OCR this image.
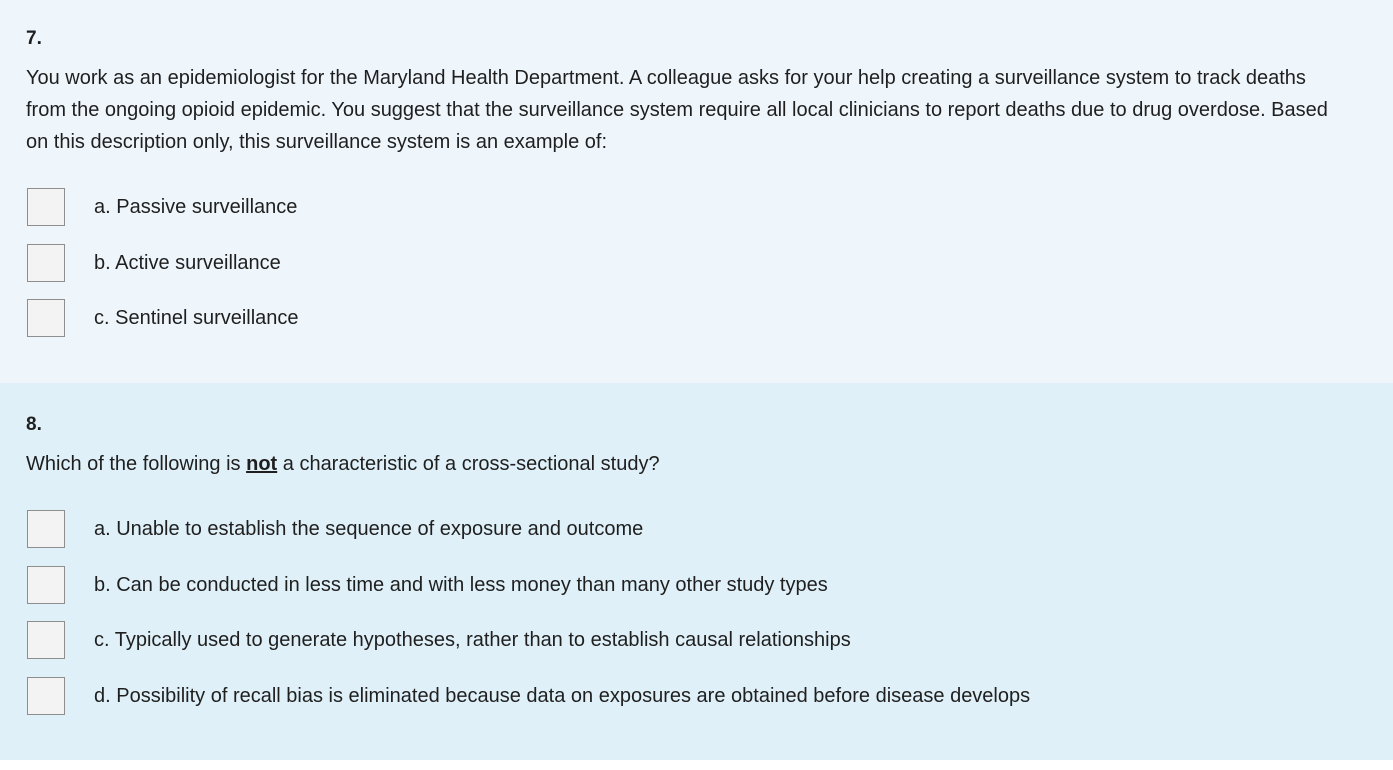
7.
You work as an epidemiologist for the Maryland Health Department. A colleague asks for your help creating a surveillance system to track deaths from the ongoing opioid epidemic. You suggest that the surveillance system require all local clinicians to report deaths due to drug overdose. Based on this description only, this surveillance system is an example of:
a. Passive surveillance
b. Active surveillance
c. Sentinel surveillance
8.
Which of the following is not a characteristic of a cross-sectional study?
a. Unable to establish the sequence of exposure and outcome
b. Can be conducted in less time and with less money than many other study types
c. Typically used to generate hypotheses, rather than to establish causal relationships
d. Possibility of recall bias is eliminated because data on exposures are obtained before disease develops
